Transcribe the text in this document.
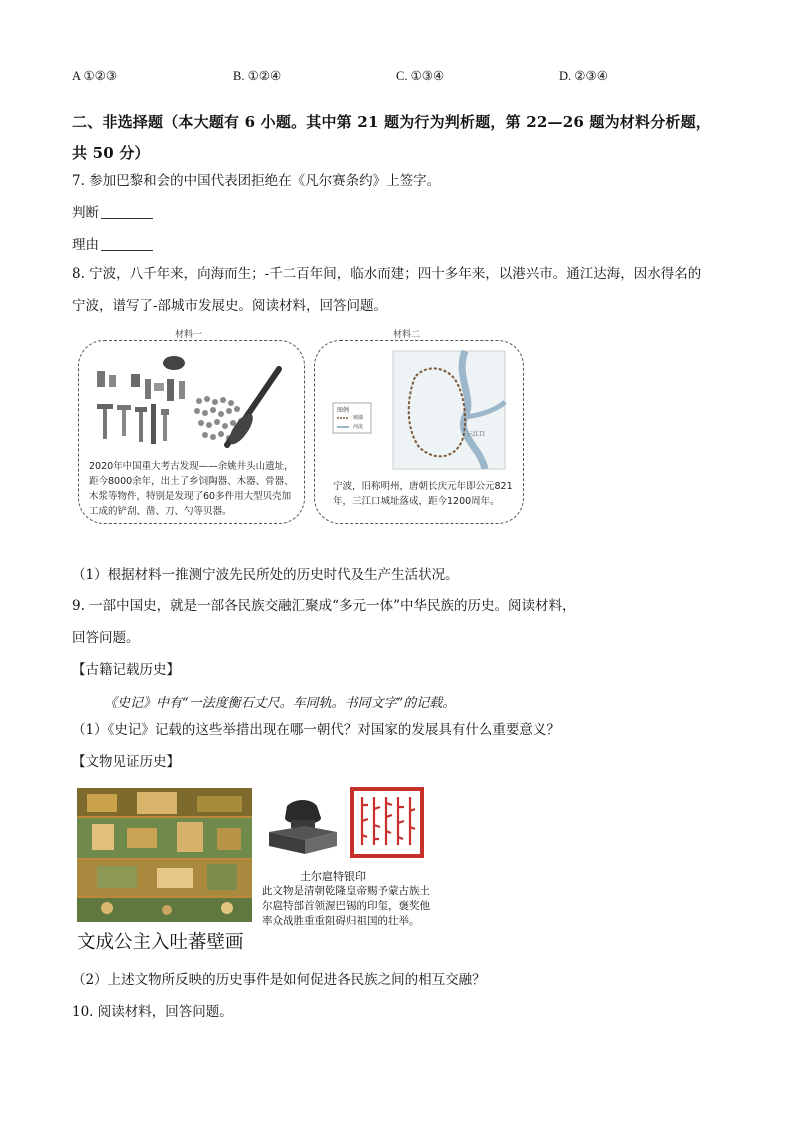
A ①②③	B. ①②④	C. ①③④	D. ②③④
二、非选择题（本大题有 6 小题。其中第 21 题为行为判析题，第 22—26 题为材料分析题，
共 50 分）
7. 参加巴黎和会的中国代表团拒绝在《凡尔赛条约》上签字。
判断
理由
8. 宁波，八千年来，向海而生；-千二百年间，临水而建；四十多年来，以港兴市。通江达海，因水得名的
宁波，谱写了-部城市发展史。阅读材料，回答问题。
材料一
2020年中国重大考古发现——余姚井头山遗址，距今8000余年，出土了乡饲陶器、木器、骨器、木浆等物件，特别是发现了60多件用大型贝壳加工成的铲刮、凿、刀、勺等贝器。
材料二
图例
城墙
河流
三江口
宁波，旧称明州，唐朝长庆元年即公元821年，三江口城址落成，距今1200周年。
（1）根据材料一推测宁波先民所处的历史时代及生产生活状况。
9. 一部中国史，就是一部各民族交融汇聚成“多元一体”中华民族的历史。阅读材料，
回答问题。
【古籍记载历史】
《史记》中有“一法度衡石丈尺。车同轨。书同文字”的记载。
（1）《史记》记载的这些举措出现在哪一朝代？对国家的发展具有什么重要意义？
【文物见证历史】
文成公主入吐蕃壁画
土尔扈特银印
此文物是清朝乾隆皇帝赐予蒙古族土尔扈特部首领渥巴锡的印玺，褒奖他率众战胜重重阻碍归祖国的壮举。
（2）上述文物所反映的历史事件是如何促进各民族之间的相互交融？
10. 阅读材料，回答问题。
